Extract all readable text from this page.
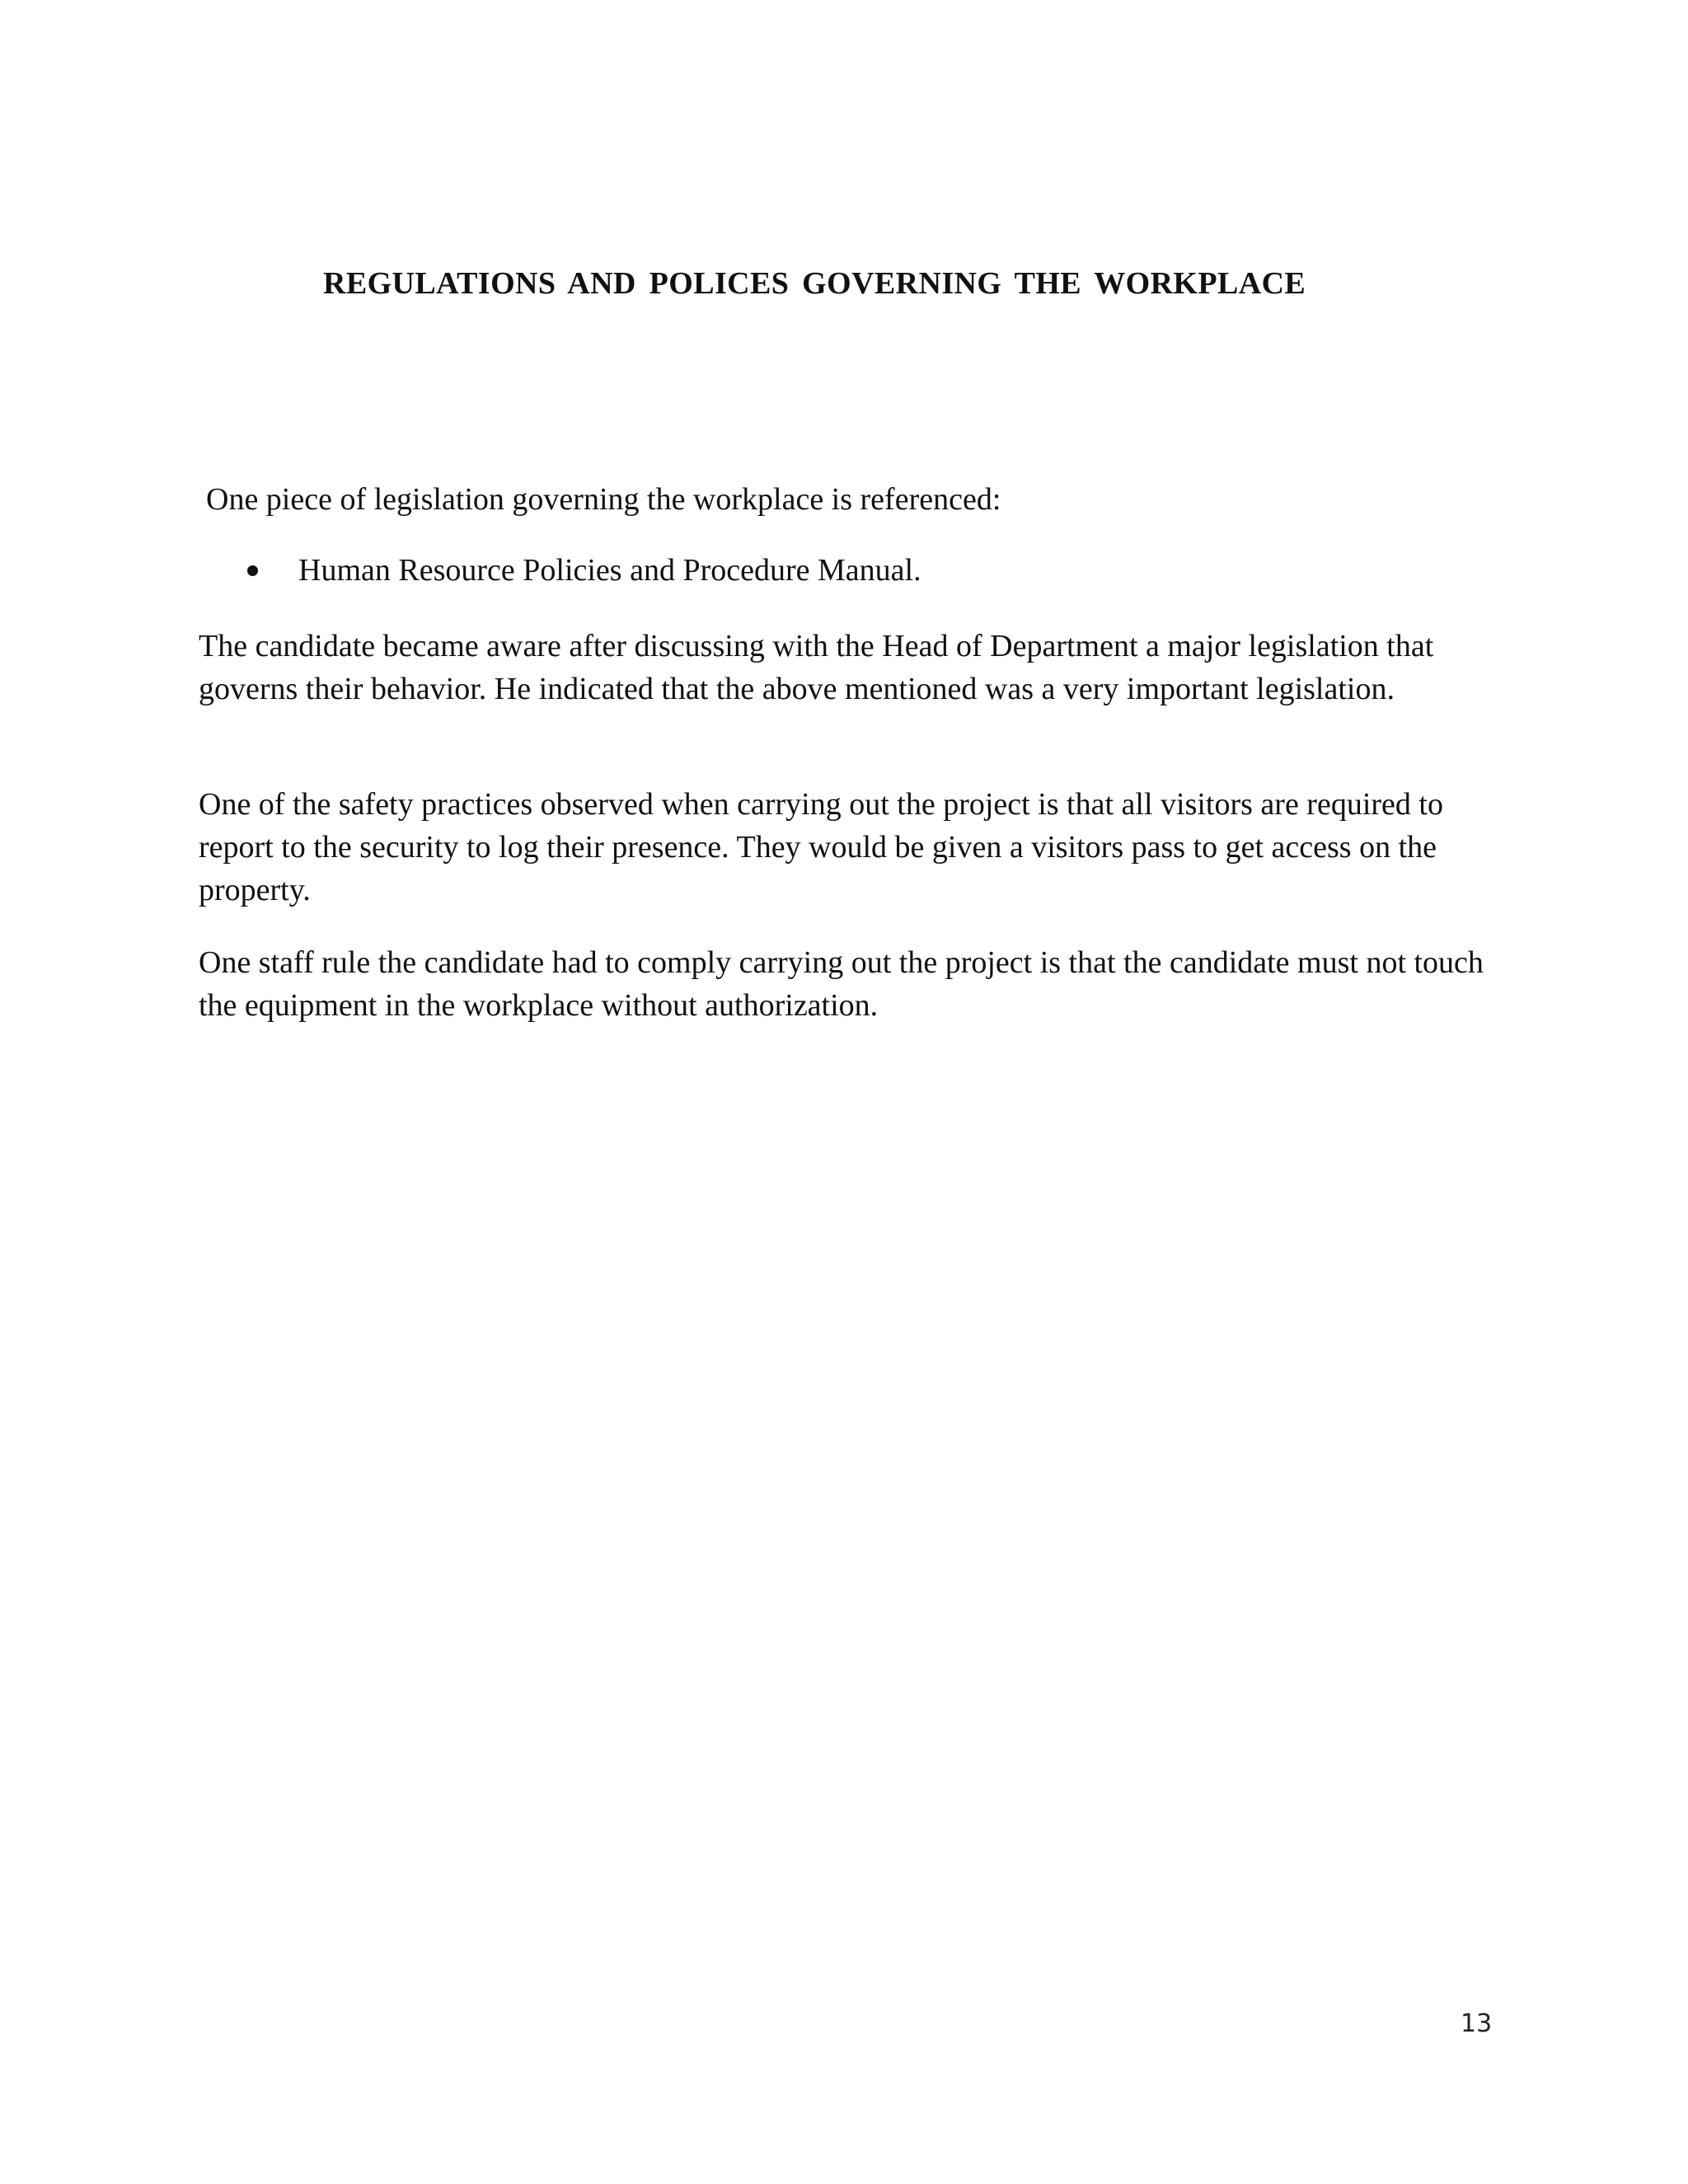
REGULATIONS AND POLICES GOVERNING THE WORKPLACE

One piece of legislation governing the workplace is referenced:

Human Resource Policies and Procedure Manual.

The candidate became aware after discussing with the Head of Department a major legislation that governs their behavior. He indicated that the above mentioned was a very important legislation.

One of the safety practices observed when carrying out the project is that all visitors are required to report to the security to log their presence. They would be given a visitors pass to get access on the property.

One staff rule the candidate had to comply carrying out the project is that the candidate must not touch the equipment in the workplace without authorization.

13
